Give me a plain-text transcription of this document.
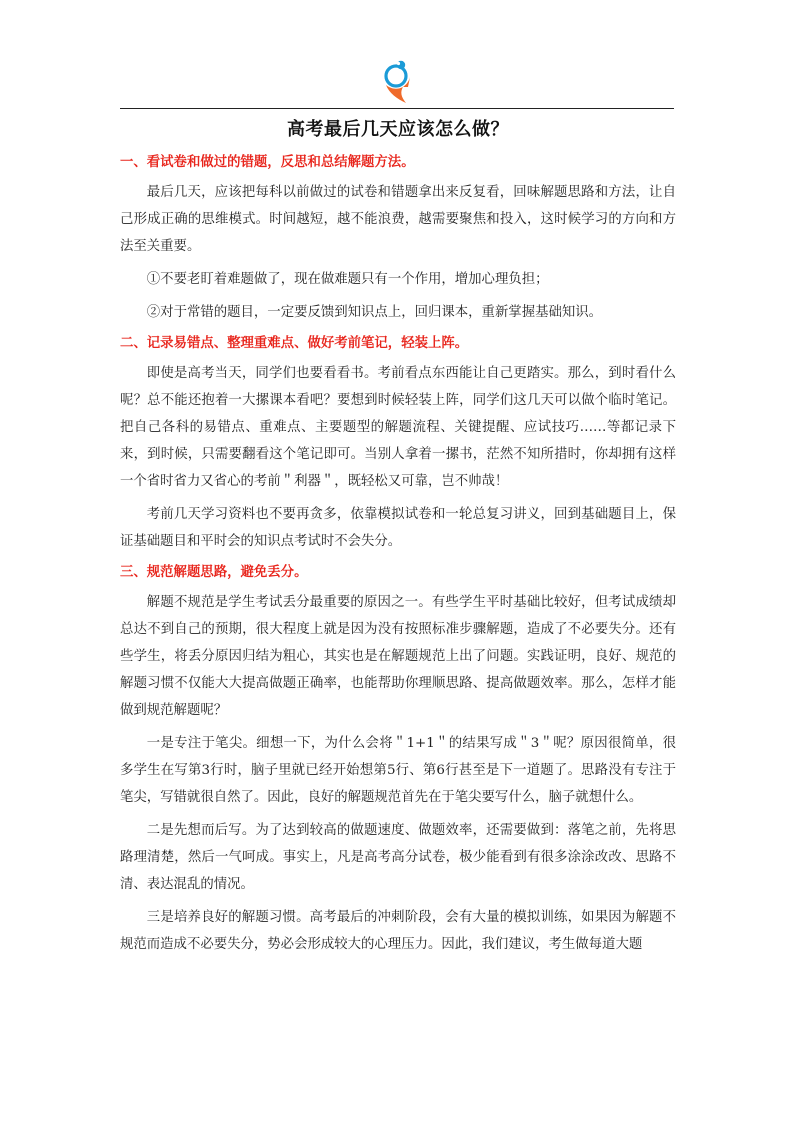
高考最后几天应该怎么做？
一、看试卷和做过的错题，反思和总结解题方法。

最后几天，应该把每科以前做过的试卷和错题拿出来反复看，回味解题思路和方法，让自己形成正确的思维模式。时间越短，越不能浪费，越需要聚焦和投入，这时候学习的方向和方法至关重要。

①不要老盯着难题做了，现在做难题只有一个作用，增加心理负担；

②对于常错的题目，一定要反馈到知识点上，回归课本，重新掌握基础知识。

二、记录易错点、整理重难点、做好考前笔记，轻装上阵。

即使是高考当天，同学们也要看看书。考前看点东西能让自己更踏实。那么，到时看什么呢？总不能还抱着一大摞课本看吧？要想到时候轻装上阵，同学们这几天可以做个临时笔记。把自己各科的易错点、重难点、主要题型的解题流程、关键提醒、应试技巧……等都记录下来，到时候，只需要翻看这个笔记即可。当别人拿着一摞书，茫然不知所措时，你却拥有这样一个省时省力又省心的考前＂利器＂，既轻松又可靠，岂不帅哉！

考前几天学习资料也不要再贪多，依靠模拟试卷和一轮总复习讲义，回到基础题目上，保证基础题目和平时会的知识点考试时不会失分。

三、规范解题思路，避免丢分。

解题不规范是学生考试丢分最重要的原因之一。有些学生平时基础比较好，但考试成绩却总达不到自己的预期，很大程度上就是因为没有按照标准步骤解题，造成了不必要失分。还有些学生，将丢分原因归结为粗心，其实也是在解题规范上出了问题。实践证明，良好、规范的解题习惯不仅能大大提高做题正确率，也能帮助你理顺思路、提高做题效率。那么，怎样才能做到规范解题呢？

一是专注于笔尖。细想一下，为什么会将＂1+1＂的结果写成＂3＂呢？原因很简单，很多学生在写第3行时，脑子里就已经开始想第5行、第6行甚至是下一道题了。思路没有专注于笔尖，写错就很自然了。因此，良好的解题规范首先在于笔尖要写什么，脑子就想什么。

二是先想而后写。为了达到较高的做题速度、做题效率，还需要做到：落笔之前，先将思路理清楚，然后一气呵成。事实上，凡是高考高分试卷，极少能看到有很多涂涂改改、思路不清、表达混乱的情况。

三是培养良好的解题习惯。高考最后的冲刺阶段，会有大量的模拟训练，如果因为解题不规范而造成不必要失分，势必会形成较大的心理压力。因此，我们建议，考生做每道大题
